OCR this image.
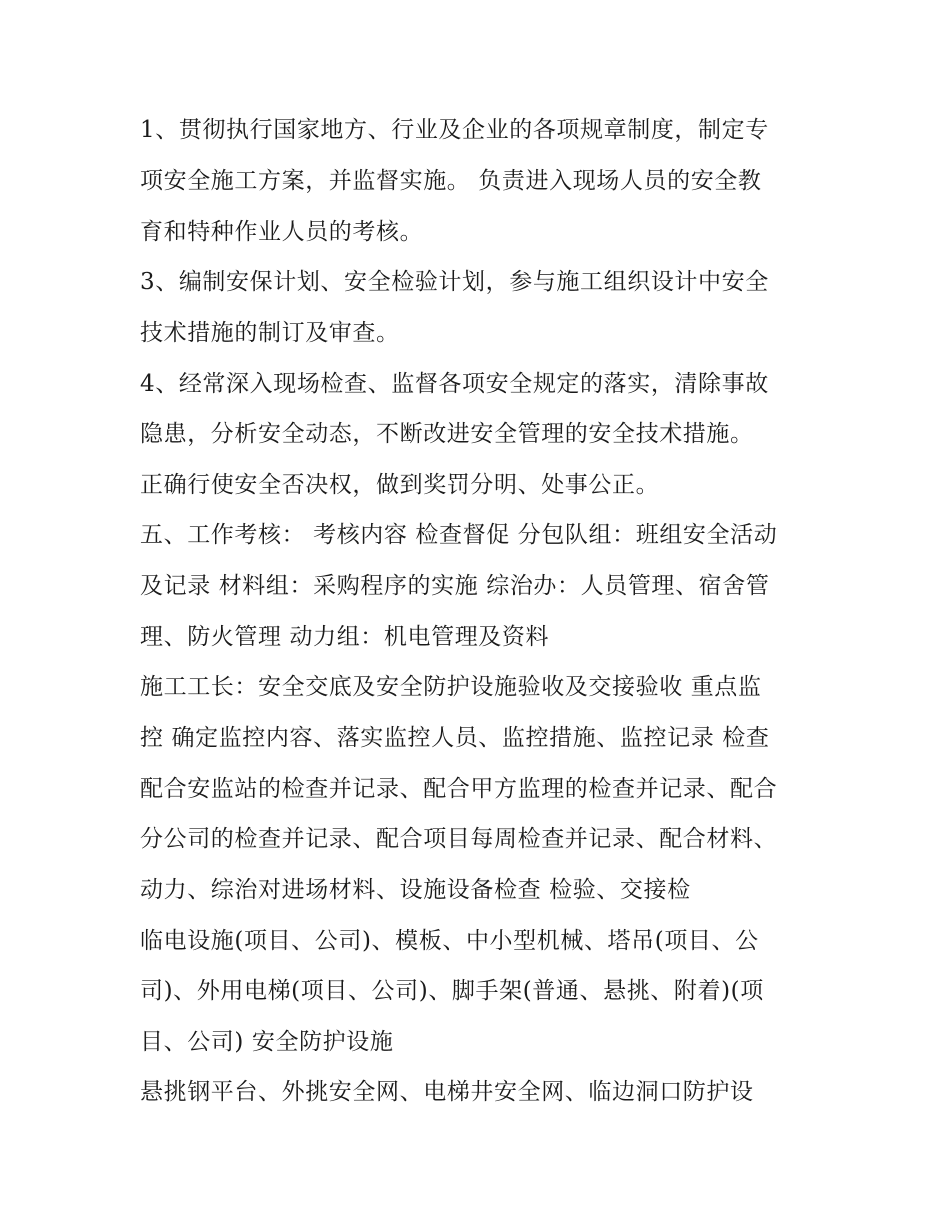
1、贯彻执行国家地方、行业及企业的各项规章制度，制定专

项安全施工方案，并监督实施。 负责进入现场人员的安全教

育和特种作业人员的考核。

3、编制安保计划、安全检验计划，参与施工组织设计中安全

技术措施的制订及审查。

4、经常深入现场检查、监督各项安全规定的落实，清除事故

隐患，分析安全动态，不断改进安全管理的安全技术措施。

正确行使安全否决权，做到奖罚分明、处事公正。

五、工作考核： 考核内容 检查督促 分包队组：班组安全活动

及记录 材料组：采购程序的实施 综治办：人员管理、宿舍管

理、防火管理 动力组：机电管理及资料

施工工长：安全交底及安全防护设施验收及交接验收 重点监

控 确定监控内容、落实监控人员、监控措施、监控记录 检查

配合安监站的检查并记录、配合甲方监理的检查并记录、配合

分公司的检查并记录、配合项目每周检查并记录、配合材料、

动力、综治对进场材料、设施设备检查 检验、交接检

临电设施(项目、公司)、模板、中小型机械、塔吊(项目、公

司)、外用电梯(项目、公司)、脚手架(普通、悬挑、附着)(项

目、公司) 安全防护设施

悬挑钢平台、外挑安全网、电梯井安全网、临边洞口防护设
